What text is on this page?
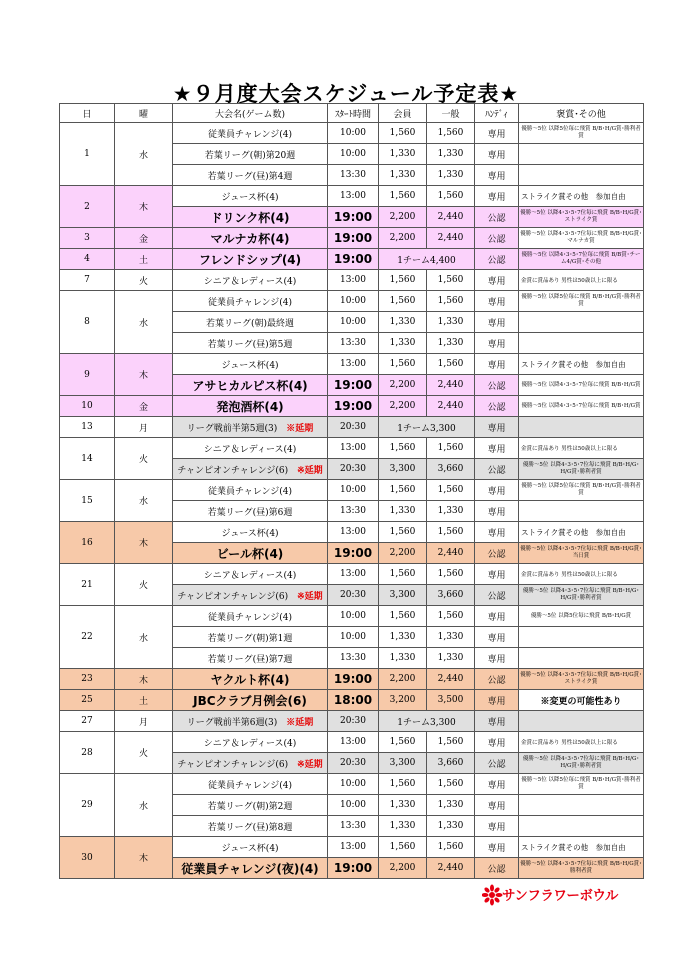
★９月度大会スケジュール予定表★
日	曜	大会名(ゲーム数)	ｽﾀｰﾄ時間	会員	一般	ﾊﾝﾃﾞｨ	褒賞･その他
1	水	従業員チャレンジ(4)	10:00	1,560	1,560	専用	優勝～5位 以降5位毎に飛賞 B/B･H/G賞･勝利者賞
		若葉リーグ(朝)第20週	10:00	1,330	1,330	専用	
		若葉リーグ(昼)第4週	13:30	1,330	1,330	専用	
2	木	ジュース杯(4)	13:00	1,560	1,560	専用	ストライク賞その他　参加自由
		ドリンク杯(4)	19:00	2,200	2,440	公認	優勝～5位 以降4･3･5･7位毎に飛賞 B/B･H/G賞･ストライク賞
3	金	マルナカ杯(4)	19:00	2,200	2,440	公認	優勝～5位 以降4･3･5･7位毎に飛賞 B/B･H/G賞･マルナカ賞
4	土	フレンドシップ(4)	19:00	1チーム4,400		公認	優勝～5位 以降4･3･5･7位毎に飛賞 B/B賞･チーム4/G賞･その他
7	火	シニア＆レディース(4)	13:00	1,560	1,560	専用	金賞に賞品あり 男性は50歳以上に限る
8	水	従業員チャレンジ(4)	10:00	1,560	1,560	専用	優勝～5位 以降5位毎に飛賞 B/B･H/G賞･勝利者賞
		若葉リーグ(朝)最終週	10:00	1,330	1,330	専用	
		若葉リーグ(昼)第5週	13:30	1,330	1,330	専用	
9	木	ジュース杯(4)	13:00	1,560	1,560	専用	ストライク賞その他　参加自由
		アサヒカルピス杯(4)	19:00	2,200	2,440	公認	優勝～5位 以降4･3･5･7位毎に飛賞 B/B･H/G賞
10	金	発泡酒杯(4)	19:00	2,200	2,440	公認	優勝～5位 以降4･3･5･7位毎に飛賞 B/B･H/G賞
13	月	リーグ戦前半第5週(3)　 ※延期	20:30	1チーム3,300		専用	
14	火	シニア＆レディース(4)	13:00	1,560	1,560	専用	金賞に賞品あり 男性は50歳以上に限る
		チャンピオンチャレンジ(6)　 ※延期	20:30	3,300	3,660	公認	優勝～5位 以降4･3･5･7位毎に飛賞 B/B･H/G･H/G賞･勝利者賞
15	水	従業員チャレンジ(4)	10:00	1,560	1,560	専用	優勝～5位 以降5位毎に飛賞 B/B･H/G賞･勝利者賞
		若葉リーグ(昼)第6週	13:30	1,330	1,330	専用	
16	木	ジュース杯(4)	13:00	1,560	1,560	専用	ストライク賞その他　参加自由
		ビール杯(4)	19:00	2,200	2,440	公認	優勝～5位 以降4･3･5･7位毎に飛賞 B/B･H/G賞･当日賞
21	火	シニア＆レディース(4)	13:00	1,560	1,560	専用	金賞に賞品あり 男性は50歳以上に限る
		チャンピオンチャレンジ(6)　 ※延期	20:30	3,300	3,660	公認	優勝～5位 以降4･3･5･7位毎に飛賞 B/B･H/G･H/G賞･勝利者賞
22	水	従業員チャレンジ(4)	10:00	1,560	1,560	専用	優勝～5位 以降5位毎に飛賞 B/B･H/G賞
		若葉リーグ(朝)第1週	10:00	1,330	1,330	専用	
		若葉リーグ(昼)第7週	13:30	1,330	1,330	専用	
23	木	ヤクルト杯(4)	19:00	2,200	2,440	公認	優勝～5位 以降4･3･5･7位毎に飛賞 B/B･H/G賞･ストライク賞
25	土	JBCクラブ月例会(6)	18:00	3,200	3,500	専用	※変更の可能性あり
27	月	リーグ戦前半第6週(3)　 ※延期	20:30	1チーム3,300		専用	
28	火	シニア＆レディース(4)	13:00	1,560	1,560	専用	金賞に賞品あり 男性は50歳以上に限る
		チャンピオンチャレンジ(6)　 ※延期	20:30	3,300	3,660	公認	優勝～5位 以降4･3･5･7位毎に飛賞 B/B･H/G･H/G賞･勝利者賞
29	水	従業員チャレンジ(4)	10:00	1,560	1,560	専用	優勝～5位 以降5位毎に飛賞 B/B･H/G賞･勝利者賞
		若葉リーグ(朝)第2週	10:00	1,330	1,330	専用	
		若葉リーグ(昼)第8週	13:30	1,330	1,330	専用	
30	木	ジュース杯(4)	13:00	1,560	1,560	専用	ストライク賞その他　参加自由
		従業員チャレンジ(夜)(4)	19:00	2,200	2,440	公認	優勝～5位 以降4･3･5･7位毎に飛賞 B/B･H/G賞･勝利者賞
サンフラワーボウル
